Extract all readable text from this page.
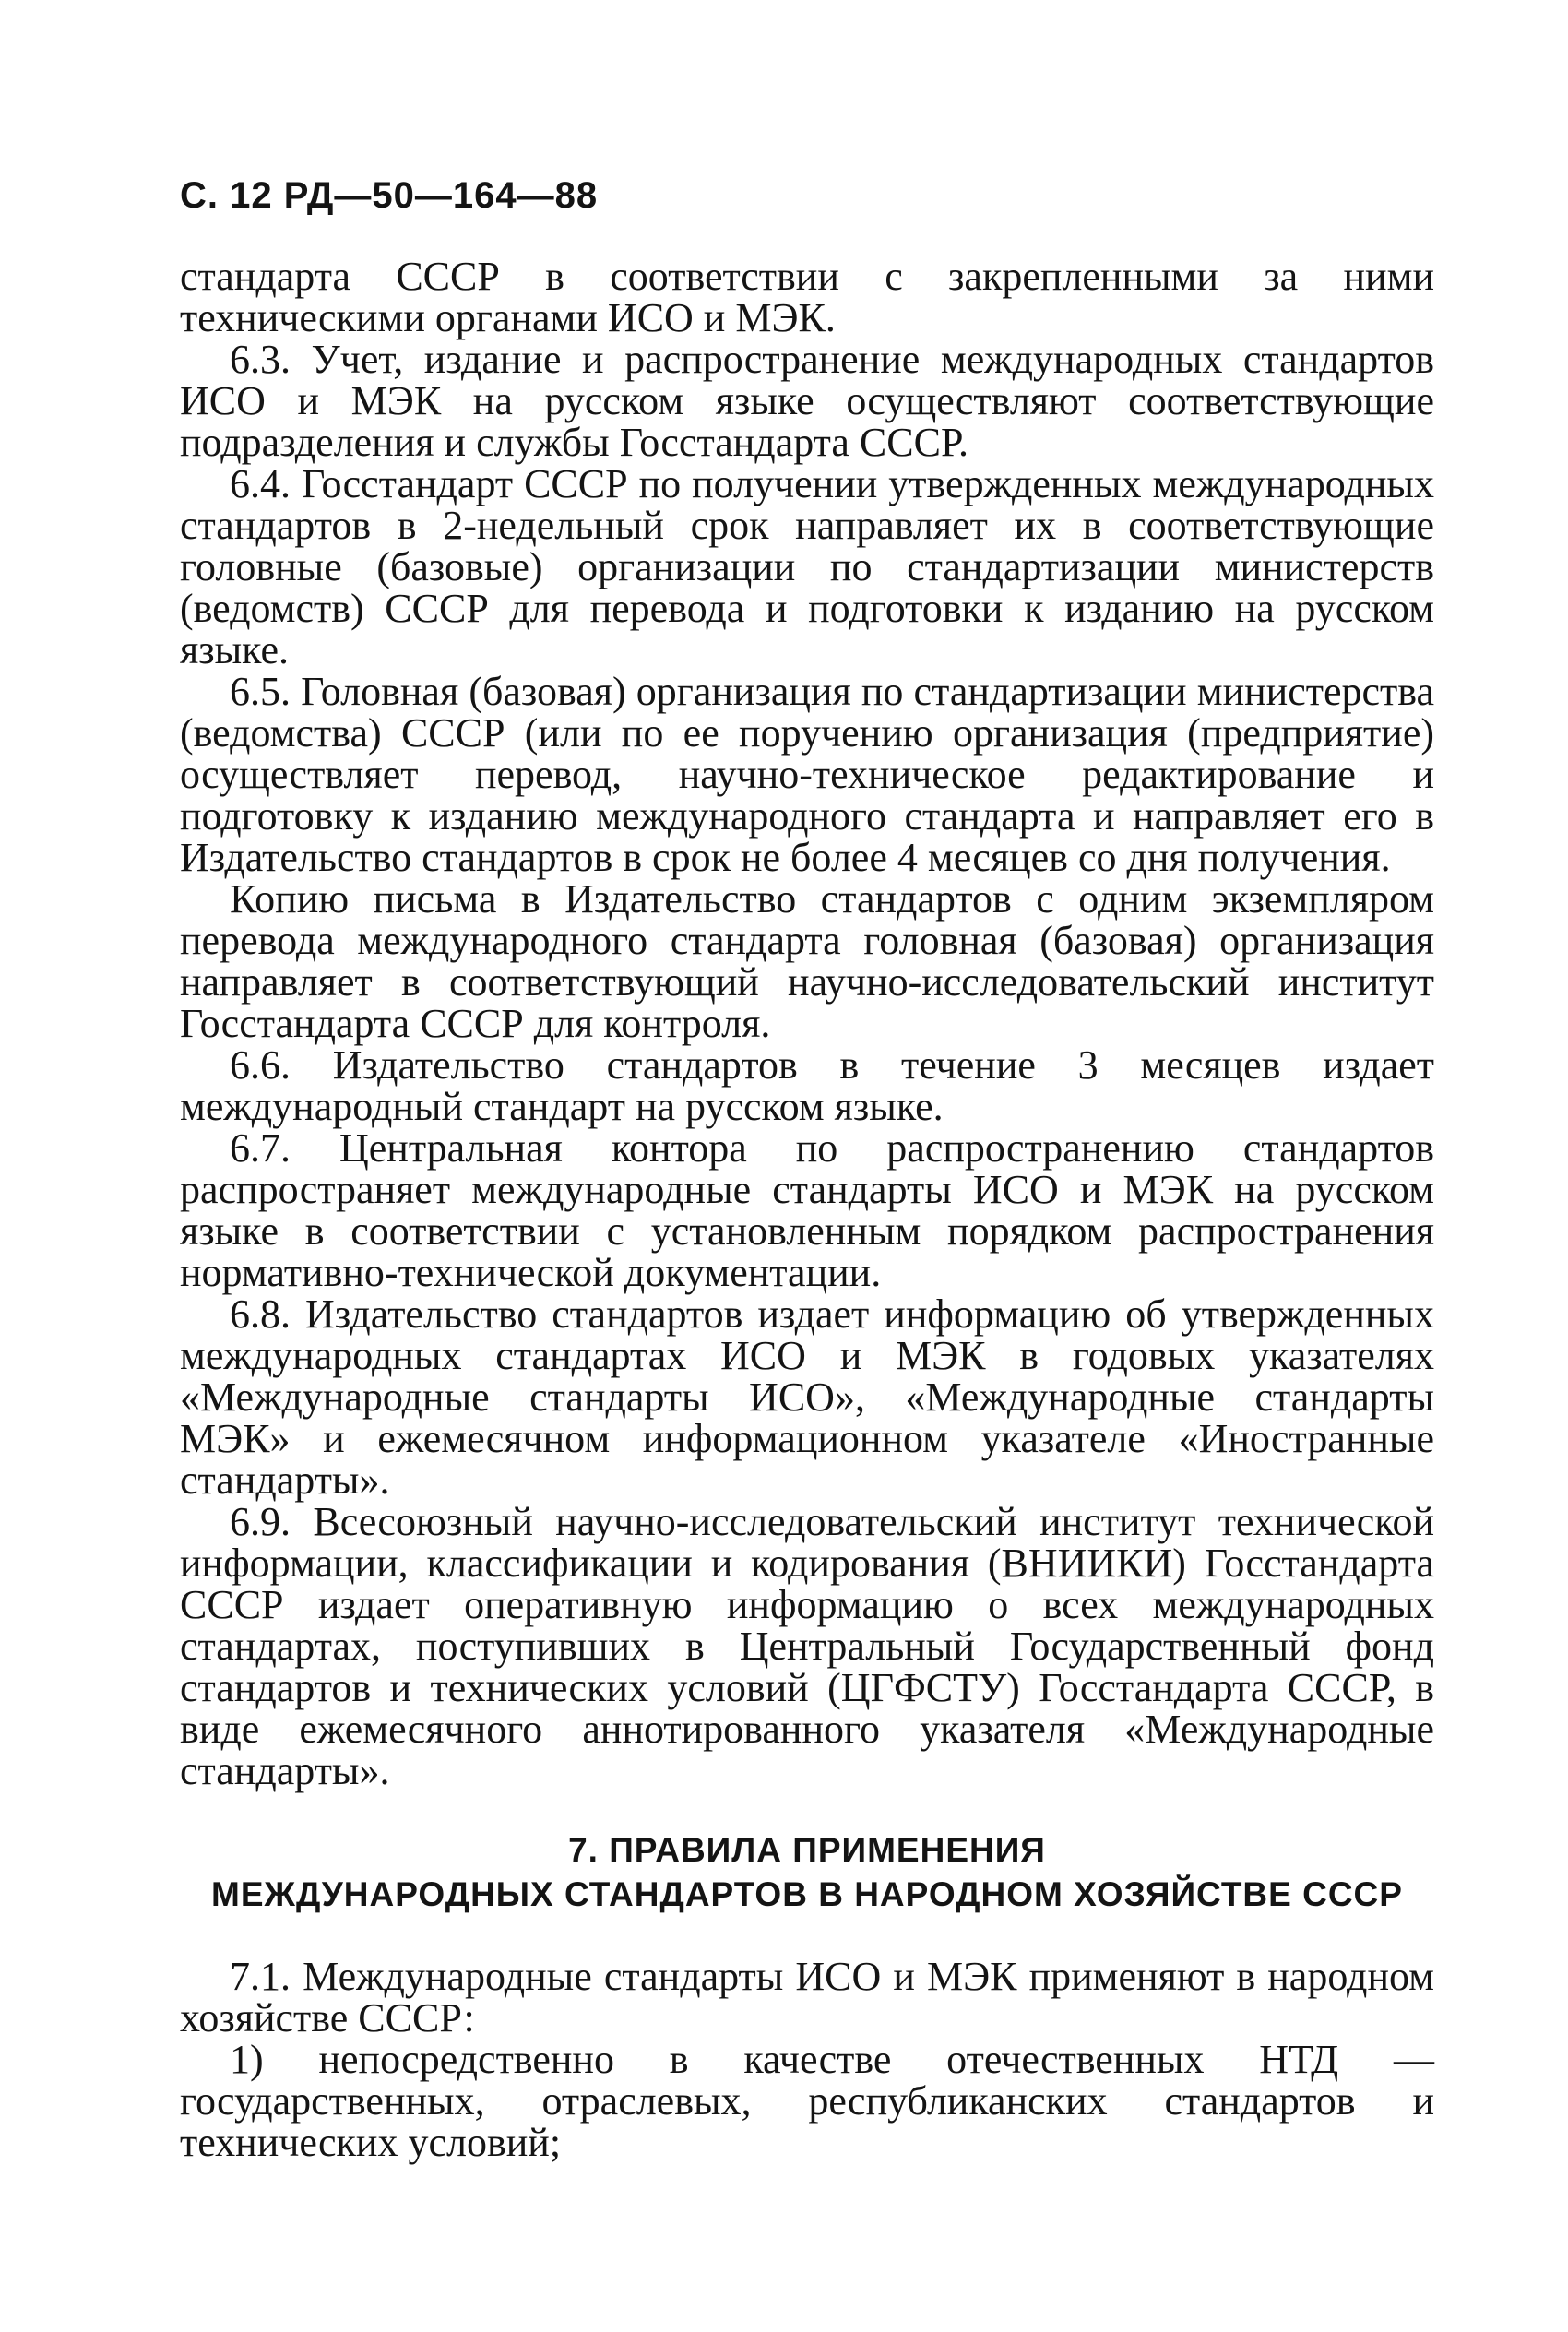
С. 12 РД—50—164—88

стандарта СССР в соответствии с закрепленными за ними техническими органами ИСО и МЭК.

6.3. Учет, издание и распространение международных стандартов ИСО и МЭК на русском языке осуществляют соответствующие подразделения и службы Госстандарта СССР.

6.4. Госстандарт СССР по получении утвержденных международных стандартов в 2-недельный срок направляет их в соответствующие головные (базовые) организации по стандартизации министерств (ведомств) СССР для перевода и подготовки к изданию на русском языке.

6.5. Головная (базовая) организация по стандартизации министерства (ведомства) СССР (или по ее поручению организация (предприятие) осуществляет перевод, научно-техническое редактирование и подготовку к изданию международного стандарта и направляет его в Издательство стандартов в срок не более 4 месяцев со дня получения.

Копию письма в Издательство стандартов с одним экземпляром перевода международного стандарта головная (базовая) организация направляет в соответствующий научно-исследовательский институт Госстандарта СССР для контроля.

6.6. Издательство стандартов в течение 3 месяцев издает международный стандарт на русском языке.

6.7. Центральная контора по распространению стандартов распространяет международные стандарты ИСО и МЭК на русском языке в соответствии с установленным порядком распространения нормативно-технической документации.

6.8. Издательство стандартов издает информацию об утвержденных международных стандартах ИСО и МЭК в годовых указателях «Международные стандарты ИСО», «Международные стандарты МЭК» и ежемесячном информационном указателе «Иностранные стандарты».

6.9. Всесоюзный научно-исследовательский институт технической информации, классификации и кодирования (ВНИИКИ) Госстандарта СССР издает оперативную информацию о всех международных стандартах, поступивших в Центральный Государственный фонд стандартов и технических условий (ЦГФСТУ) Госстандарта СССР, в виде ежемесячного аннотированного указателя «Международные стандарты».

7. ПРАВИЛА ПРИМЕНЕНИЯ
МЕЖДУНАРОДНЫХ СТАНДАРТОВ В НАРОДНОМ ХОЗЯЙСТВЕ СССР

7.1. Международные стандарты ИСО и МЭК применяют в народном хозяйстве СССР:

1) непосредственно в качестве отечественных НТД — государственных, отраслевых, республиканских стандартов и технических условий;
